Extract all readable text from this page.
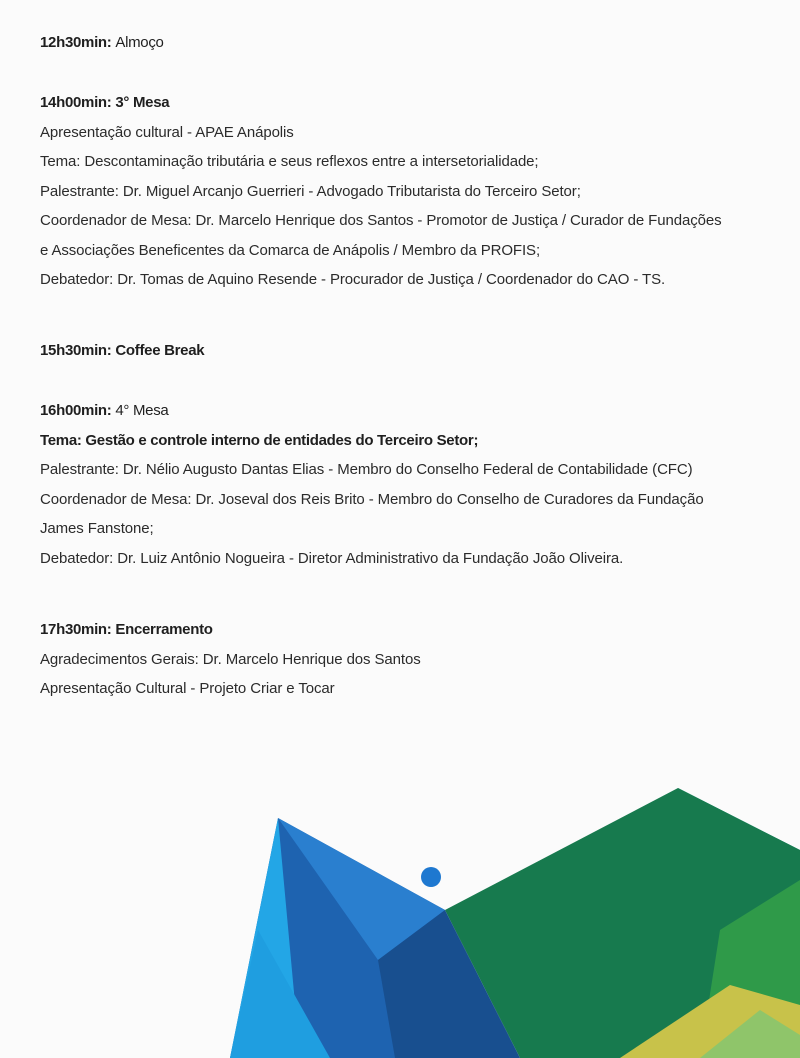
12h30min: Almoço
14h00min: 3° Mesa
Apresentação cultural - APAE Anápolis
Tema: Descontaminação tributária e seus reflexos entre a intersetorialidade;
Palestrante: Dr. Miguel Arcanjo Guerrieri - Advogado Tributarista do Terceiro Setor;
Coordenador de Mesa: Dr. Marcelo Henrique dos Santos - Promotor de Justiça / Curador de Fundações
e Associações Beneficentes da Comarca de Anápolis / Membro da PROFIS;
Debatedor: Dr. Tomas de Aquino Resende - Procurador de Justiça / Coordenador do CAO - TS.
15h30min: Coffee Break
16h00min: 4° Mesa
Tema: Gestão e controle interno de entidades do Terceiro Setor;
Palestrante: Dr. Nélio Augusto Dantas Elias - Membro do Conselho Federal de Contabilidade (CFC)
Coordenador de Mesa: Dr. Joseval dos Reis Brito - Membro do Conselho de Curadores da Fundação
James Fanstone;
Debatedor: Dr. Luiz Antônio Nogueira - Diretor Administrativo da Fundação João Oliveira.
17h30min: Encerramento
Agradecimentos Gerais: Dr. Marcelo Henrique dos Santos
Apresentação Cultural - Projeto Criar e Tocar
